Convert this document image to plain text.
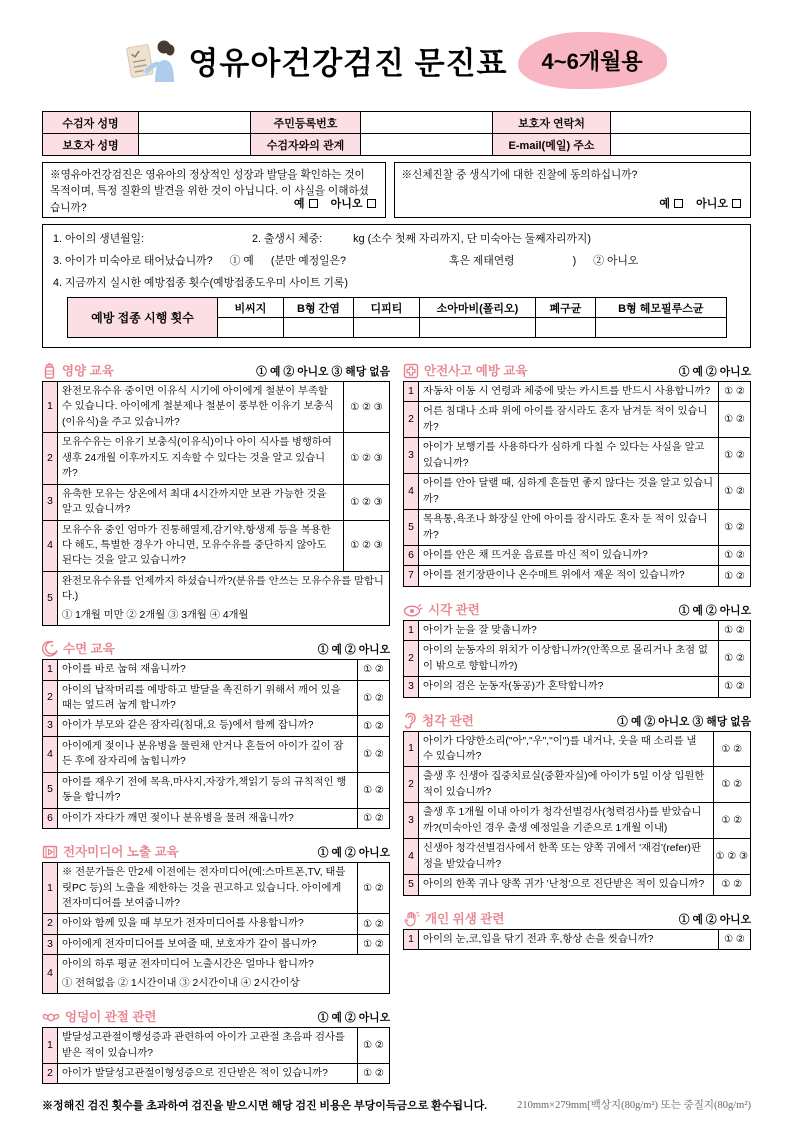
영유아건강검진 문진표	4~6개월용
수검자 성명		주민등록번호		보호자 연락처	
보호자 성명		수검자와의 관계		E-mail(메일) 주소	
※영유아건강검진은 영유아의 정상적인 성장과 발달을 확인하는 것이 목적이며, 특정 질환의 발견을 위한 것이 아닙니다. 이 사실을 이해하셨습니까?	예 아니오
※신체진찰 중 생식기에 대한 진찰에 동의하십니까?
예 아니오
1. 아이의 생년월일:	2. 출생시 체중:	kg (소수 첫째 자리까지, 단 미숙아는 둘째자리까지)
3. 아이가 미숙아로 태어났습니까? ① 예 (분만 예정일은?	혹은 제태연령	) ② 아니오
4. 지금까지 실시한 예방접종 횟수(예방접종도우미 사이트 기록)
예방 접종 시행 횟수	비씨지	B형 간염	디피티	소아마비(폴리오)	폐구균	B형 헤모필루스균

영양 교육	① 예 ② 아니오 ③ 해당 없음
1	완전모유수유 중이면 이유식 시기에 아이에게 철분이 부족할 수 있습니다. 아이에게 철분제나 철분이 풍부한 이유기 보충식(이유식)을 주고 있습니까?	① ② ③
2	모유수유는 이유기 보충식(이유식)이나 아이 식사를 병행하여 생후 24개월 이후까지도 지속할 수 있다는 것을 알고 있습니까?	① ② ③
3	유축한 모유는 상온에서 최대 4시간까지만 보관 가능한 것을 알고 있습니까?	① ② ③
4	모유수유 중인 엄마가 진통해열제,감기약,항생제 등을 복용한다 해도, 특별한 경우가 아니면, 모유수유를 중단하지 않아도 된다는 것을 알고 있습니까?	① ② ③
5	완전모유수유를 언제까지 하셨습니까?(분유를 안쓰는 모유수유를 말합니다.)
① 1개월 미만 ② 2개월 ③ 3개월 ④ 4개월	
수면 교육	① 예 ② 아니오
1	아이를 바로 눕혀 재웁니까?	① ②
2	아이의 납작머리를 예방하고 발달을 촉진하기 위해서 깨어 있을 때는 엎드려 눕게 합니까?	① ②
3	아이가 부모와 같은 잠자리(침대,요 등)에서 함께 잡니까?	① ②
4	아이에게 젖이나 분유병을 물린채 안거나 흔들어 아이가 깊이 잠든 후에 잠자리에 눕힙니까?	① ②
5	아이를 재우기 전에 목욕,마사지,자장가,책읽기 등의 규칙적인 행동을 합니까?	① ②
6	아이가 자다가 깨면 젖이나 분유병을 물려 재웁니까?	① ②
전자미디어 노출 교육	① 예 ② 아니오
1	※ 전문가들은 만2세 이전에는 전자미디어(예:스마트폰,TV, 태블릿PC 등)의 노출을 제한하는 것을 권고하고 있습니다. 아이에게 전자미디어를 보여줍니까?	① ②
2	아이와 함께 있을 때 부모가 전자미디어를 사용합니까?	① ②
3	아이에게 전자미디어를 보여줄 때, 보호자가 같이 봅니까?	① ②
4	아이의 하루 평균 전자미디어 노출시간은 얼마나 합니까?
① 전혀없음 ② 1시간이내 ③ 2시간이내 ④ 2시간이상	
엉덩이 관절 관련	① 예 ② 아니오
1	발달성고관절이행성증과 관련하여 아이가 고관절 초음파 검사를 받은 적이 있습니까?	① ②
2	아이가 발달성고관절이형성증으로 진단받은 적이 있습니까?	① ②
안전사고 예방 교육	① 예 ② 아니오
1	자동차 이동 시 연령과 체중에 맞는 카시트를 반드시 사용합니까?	① ②
2	어른 침대나 소파 위에 아이를 잠시라도 혼자 남겨둔 적이 있습니까?	① ②
3	아이가 보행기를 사용하다가 심하게 다칠 수 있다는 사실을 알고 있습니까?	① ②
4	아이를 안아 달랠 때, 심하게 흔들면 좋지 않다는 것을 알고 있습니까?	① ②
5	목욕통,욕조나 화장실 안에 아이를 잠시라도 혼자 둔 적이 있습니까?	① ②
6	아이를 안은 채 뜨거운 음료를 마신 적이 있습니까?	① ②
7	아이를 전기장판이나 온수매트 위에서 재운 적이 있습니까?	① ②
시각 관련	① 예 ② 아니오
1	아이가 눈을 잘 맞춥니까?	① ②
2	아이의 눈동자의 위치가 이상합니까?(안쪽으로 몰리거나 초점 없이 밖으로 향합니까?)	① ②
3	아이의 검은 눈동자(동공)가 혼탁합니까?	① ②
청각 관련	① 예 ② 아니오 ③ 해당 없음
1	아이가 다양한소리("아","우","이")를 내거나, 웃을 때 소리를 낼 수 있습니까?	① ②
2	출생 후 신생아 집중치료실(중환자실)에 아이가 5일 이상 입원한 적이 있습니까?	① ②
3	출생 후 1개월 이내 아이가 청각선별검사(청력검사)를 받았습니까?(미숙아인 경우 출생 예정일을 기준으로 1개월 이내)	① ②
4	신생아 청각선별검사에서 한쪽 또는 양쪽 귀에서 '재검'(refer)판정을 받았습니까?	① ② ③
5	아이의 한쪽 귀나 양쪽 귀가 '난청'으로 진단받은 적이 있습니까?	① ②
개인 위생 관련	① 예 ② 아니오
1	아이의 눈,코,입을 닦기 전과 후,항상 손을 씻습니까?	① ②
※정해진 검진 횟수를 초과하여 검진을 받으시면 해당 검진 비용은 부당이득금으로 환수됩니다.	210mm×279mm[백상지(80g/m²) 또는 중질지(80g/m²)
